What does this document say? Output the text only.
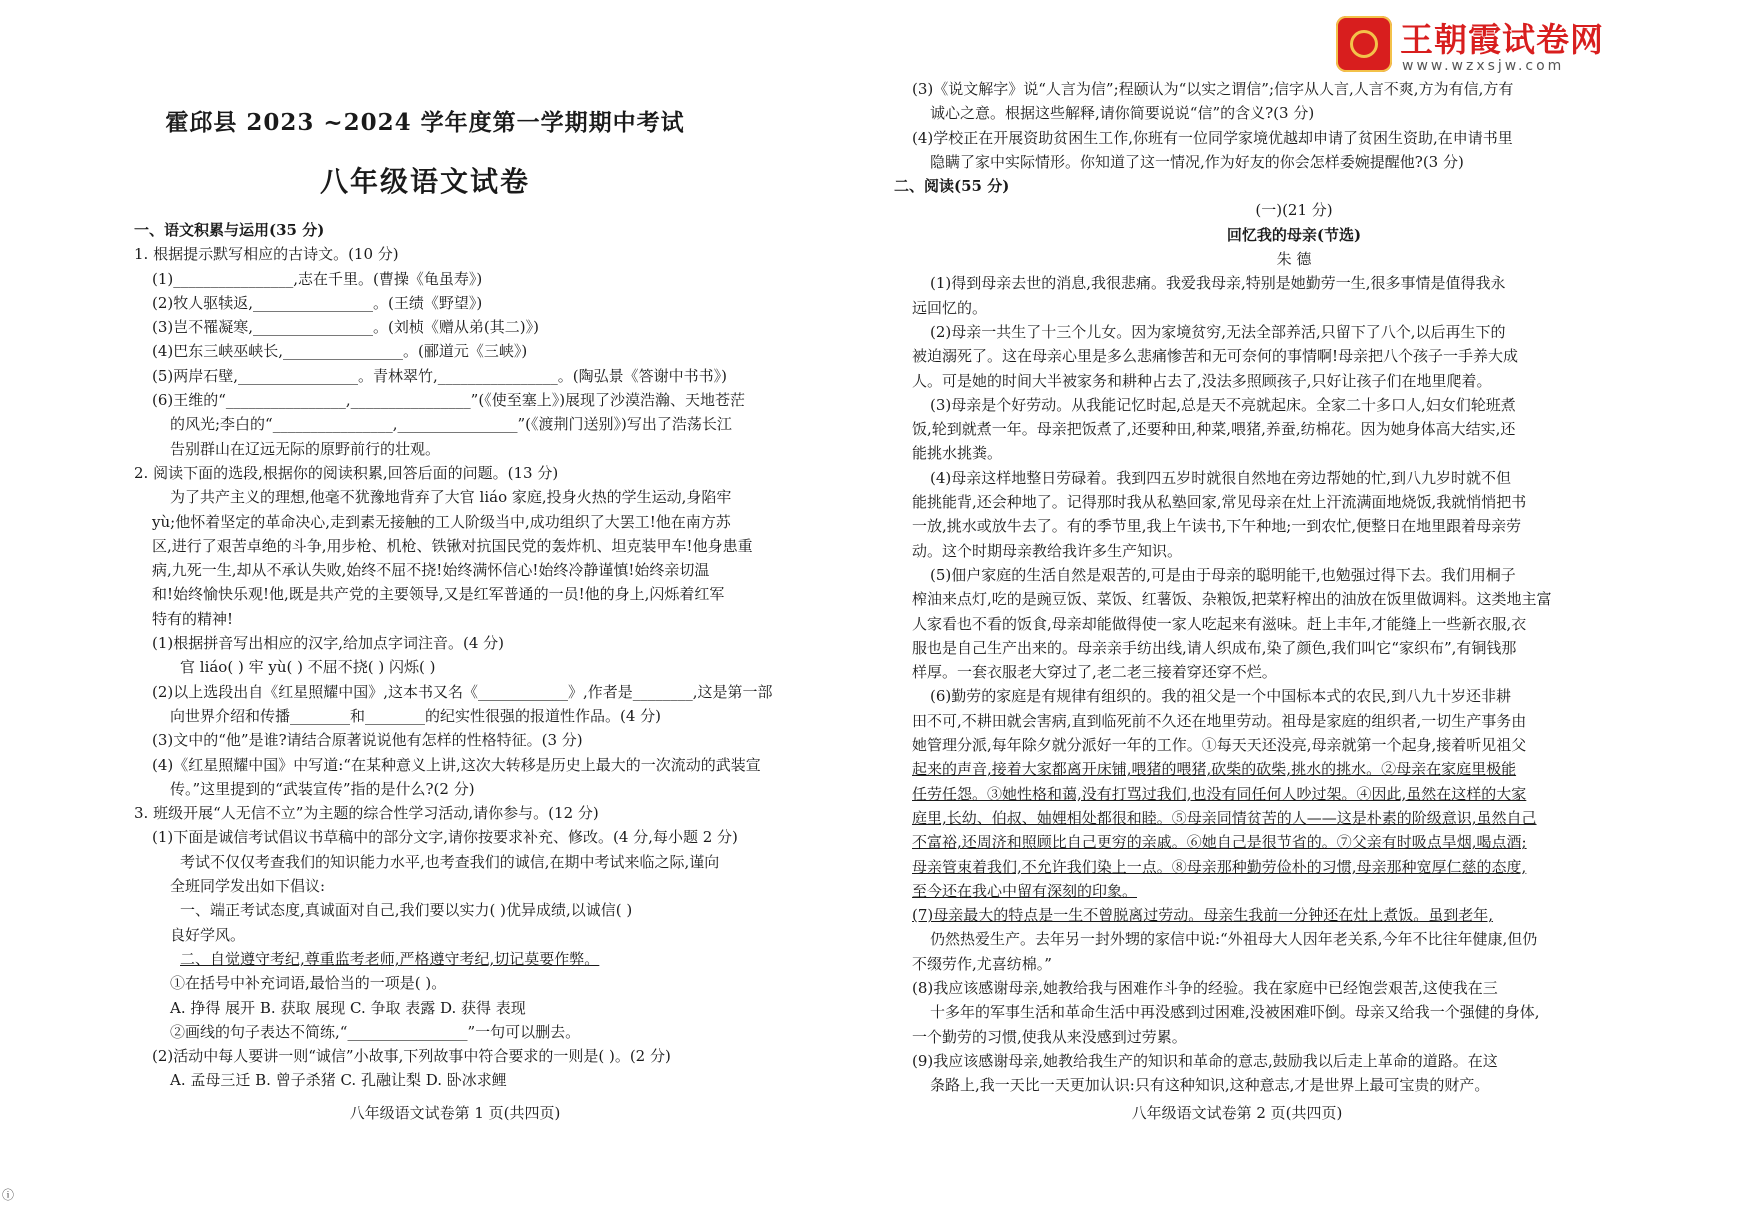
王朝霞试卷网
www.wzxsjw.com
霍邱县 2023 ~2024 学年度第一学期期中考试
八年级语文试卷
一、语文积累与运用(35 分)
1. 根据提示默写相应的古诗文。(10 分)
(1)________________,志在千里。(曹操《龟虽寿》)
(2)牧人驱犊返,________________。(王绩《野望》)
(3)岂不罹凝寒,________________。(刘桢《赠从弟(其二)》)
(4)巴东三峡巫峡长,________________。(郦道元《三峡》)
(5)两岸石壁,________________。青林翠竹,________________。(陶弘景《答谢中书书》)
(6)王维的“________________,________________”(《使至塞上》)展现了沙漠浩瀚、天地苍茫
的风光;李白的“________________,________________”(《渡荆门送别》)写出了浩荡长江
告别群山在辽远无际的原野前行的壮观。
2. 阅读下面的选段,根据你的阅读积累,回答后面的问题。(13 分)
为了共产主义的理想,他毫不犹豫地背弃了大官 liáo 家庭,投身火热的学生运动,身陷牢
yù;他怀着坚定的革命决心,走到素无接触的工人阶级当中,成功组织了大罢工!他在南方苏
区,进行了艰苦卓绝的斗争,用步枪、机枪、铁锹对抗国民党的轰炸机、坦克装甲车!他身患重
病,九死一生,却从不承认失败,始终不屈不挠!始终满怀信心!始终冷静谨慎!始终亲切温
和!始终愉快乐观!他,既是共产党的主要领导,又是红军普通的一员!他的身上,闪烁着红军
特有的精神!
(1)根据拼音写出相应的汉字,给加点字词注音。(4 分)
官 liáo( ) 牢 yù( ) 不屈不挠( ) 闪烁( )
(2)以上选段出自《红星照耀中国》,这本书又名《____________》,作者是________,这是第一部
向世界介绍和传播________和________的纪实性很强的报道性作品。(4 分)
(3)文中的“他”是谁?请结合原著说说他有怎样的性格特征。(3 分)
(4)《红星照耀中国》中写道:“在某种意义上讲,这次大转移是历史上最大的一次流动的武装宣
传。”这里提到的“武装宣传”指的是什么?(2 分)
3. 班级开展“人无信不立”为主题的综合性学习活动,请你参与。(12 分)
(1)下面是诚信考试倡议书草稿中的部分文字,请你按要求补充、修改。(4 分,每小题 2 分)
考试不仅仅考查我们的知识能力水平,也考查我们的诚信,在期中考试来临之际,谨向
全班同学发出如下倡议:
一、端正考试态度,真诚面对自己,我们要以实力( )优异成绩,以诚信( )
良好学风。
二、自觉遵守考纪,尊重监考老师,严格遵守考纪,切记莫要作弊。
①在括号中补充词语,最恰当的一项是( )。
A. 挣得 展开 B. 获取 展现 C. 争取 表露 D. 获得 表现
②画线的句子表达不简练,“________________”一句可以删去。
(2)活动中每人要讲一则“诚信”小故事,下列故事中符合要求的一则是( )。(2 分)
A. 孟母三迁 B. 曾子杀猪 C. 孔融让梨 D. 卧冰求鲤
八年级语文试卷第 1 页(共四页)
ⓘ
(3)《说文解字》说“人言为信”;程颐认为“以实之谓信”;信字从人言,人言不爽,方为有信,方有
诚心之意。根据这些解释,请你简要说说“信”的含义?(3 分)
(4)学校正在开展资助贫困生工作,你班有一位同学家境优越却申请了贫困生资助,在申请书里
隐瞒了家中实际情形。你知道了这一情况,作为好友的你会怎样委婉提醒他?(3 分)
二、阅读(55 分)
(一)(21 分)
回忆我的母亲(节选)
朱 德
(1)得到母亲去世的消息,我很悲痛。我爱我母亲,特别是她勤劳一生,很多事情是值得我永
远回忆的。
(2)母亲一共生了十三个儿女。因为家境贫穷,无法全部养活,只留下了八个,以后再生下的
被迫溺死了。这在母亲心里是多么悲痛惨苦和无可奈何的事情啊!母亲把八个孩子一手养大成
人。可是她的时间大半被家务和耕种占去了,没法多照顾孩子,只好让孩子们在地里爬着。
(3)母亲是个好劳动。从我能记忆时起,总是天不亮就起床。全家二十多口人,妇女们轮班煮
饭,轮到就煮一年。母亲把饭煮了,还要种田,种菜,喂猪,养蚕,纺棉花。因为她身体高大结实,还
能挑水挑粪。
(4)母亲这样地整日劳碌着。我到四五岁时就很自然地在旁边帮她的忙,到八九岁时就不但
能挑能背,还会种地了。记得那时我从私塾回家,常见母亲在灶上汗流满面地烧饭,我就悄悄把书
一放,挑水或放牛去了。有的季节里,我上午读书,下午种地;一到农忙,便整日在地里跟着母亲劳
动。这个时期母亲教给我许多生产知识。
(5)佃户家庭的生活自然是艰苦的,可是由于母亲的聪明能干,也勉强过得下去。我们用桐子
榨油来点灯,吃的是豌豆饭、菜饭、红薯饭、杂粮饭,把菜籽榨出的油放在饭里做调料。这类地主富
人家看也不看的饭食,母亲却能做得使一家人吃起来有滋味。赶上丰年,才能缝上一些新衣服,衣
服也是自己生产出来的。母亲亲手纺出线,请人织成布,染了颜色,我们叫它“家织布”,有铜钱那
样厚。一套衣服老大穿过了,老二老三接着穿还穿不烂。
(6)勤劳的家庭是有规律有组织的。我的祖父是一个中国标本式的农民,到八九十岁还非耕
田不可,不耕田就会害病,直到临死前不久还在地里劳动。祖母是家庭的组织者,一切生产事务由
她管理分派,每年除夕就分派好一年的工作。①每天天还没亮,母亲就第一个起身,接着听见祖父
起来的声音,接着大家都离开床铺,喂猪的喂猪,砍柴的砍柴,挑水的挑水。②母亲在家庭里极能
任劳任怨。③她性格和蔼,没有打骂过我们,也没有同任何人吵过架。④因此,虽然在这样的大家
庭里,长幼、伯叔、妯娌相处都很和睦。⑤母亲同情贫苦的人——这是朴素的阶级意识,虽然自己
不富裕,还周济和照顾比自己更穷的亲戚。⑥她自己是很节省的。⑦父亲有时吸点旱烟,喝点酒;
母亲管束着我们,不允许我们染上一点。⑧母亲那种勤劳俭朴的习惯,母亲那种宽厚仁慈的态度,
至今还在我心中留有深刻的印象。
(7)母亲最大的特点是一生不曾脱离过劳动。母亲生我前一分钟还在灶上煮饭。虽到老年,
仍然热爱生产。去年另一封外甥的家信中说:“外祖母大人因年老关系,今年不比往年健康,但仍
不缀劳作,尤喜纺棉。”
(8)我应该感谢母亲,她教给我与困难作斗争的经验。我在家庭中已经饱尝艰苦,这使我在三
十多年的军事生活和革命生活中再没感到过困难,没被困难吓倒。母亲又给我一个强健的身体,
一个勤劳的习惯,使我从来没感到过劳累。
(9)我应该感谢母亲,她教给我生产的知识和革命的意志,鼓励我以后走上革命的道路。在这
条路上,我一天比一天更加认识:只有这种知识,这种意志,才是世界上最可宝贵的财产。
八年级语文试卷第 2 页(共四页)
